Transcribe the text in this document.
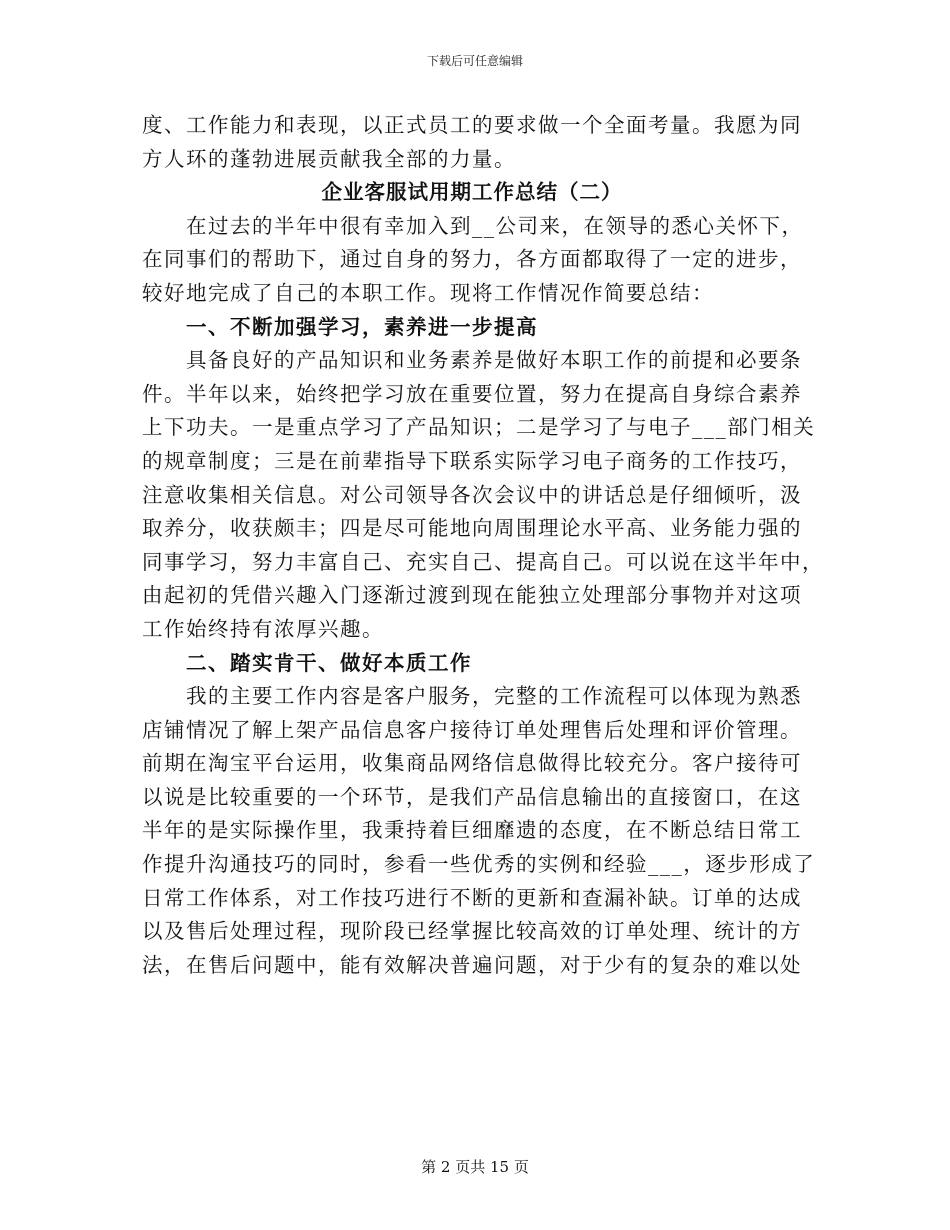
下载后可任意编辑
度、工作能力和表现，以正式员工的要求做一个全面考量。我愿为同
方人环的蓬勃进展贡献我全部的力量。
企业客服试用期工作总结（二）
在过去的半年中很有幸加入到__公司来，在领导的悉心关怀下，
在同事们的帮助下，通过自身的努力，各方面都取得了一定的进步，
较好地完成了自己的本职工作。现将工作情况作简要总结：
一、不断加强学习，素养进一步提高
具备良好的产品知识和业务素养是做好本职工作的前提和必要条
件。半年以来，始终把学习放在重要位置，努力在提高自身综合素养
上下功夫。一是重点学习了产品知识；二是学习了与电子___部门相关
的规章制度；三是在前辈指导下联系实际学习电子商务的工作技巧，
注意收集相关信息。对公司领导各次会议中的讲话总是仔细倾听，汲
取养分，收获颇丰；四是尽可能地向周围理论水平高、业务能力强的
同事学习，努力丰富自己、充实自己、提高自己。可以说在这半年中，
由起初的凭借兴趣入门逐渐过渡到现在能独立处理部分事物并对这项
工作始终持有浓厚兴趣。
二、踏实肯干、做好本质工作
我的主要工作内容是客户服务，完整的工作流程可以体现为熟悉
店铺情况了解上架产品信息客户接待订单处理售后处理和评价管理。
前期在淘宝平台运用，收集商品网络信息做得比较充分。客户接待可
以说是比较重要的一个环节，是我们产品信息输出的直接窗口，在这
半年的是实际操作里，我秉持着巨细靡遗的态度，在不断总结日常工
作提升沟通技巧的同时，参看一些优秀的实例和经验___，逐步形成了
日常工作体系，对工作技巧进行不断的更新和查漏补缺。订单的达成
以及售后处理过程，现阶段已经掌握比较高效的订单处理、统计的方
法，在售后问题中，能有效解决普遍问题，对于少有的复杂的难以处
第 2 页共 15 页
